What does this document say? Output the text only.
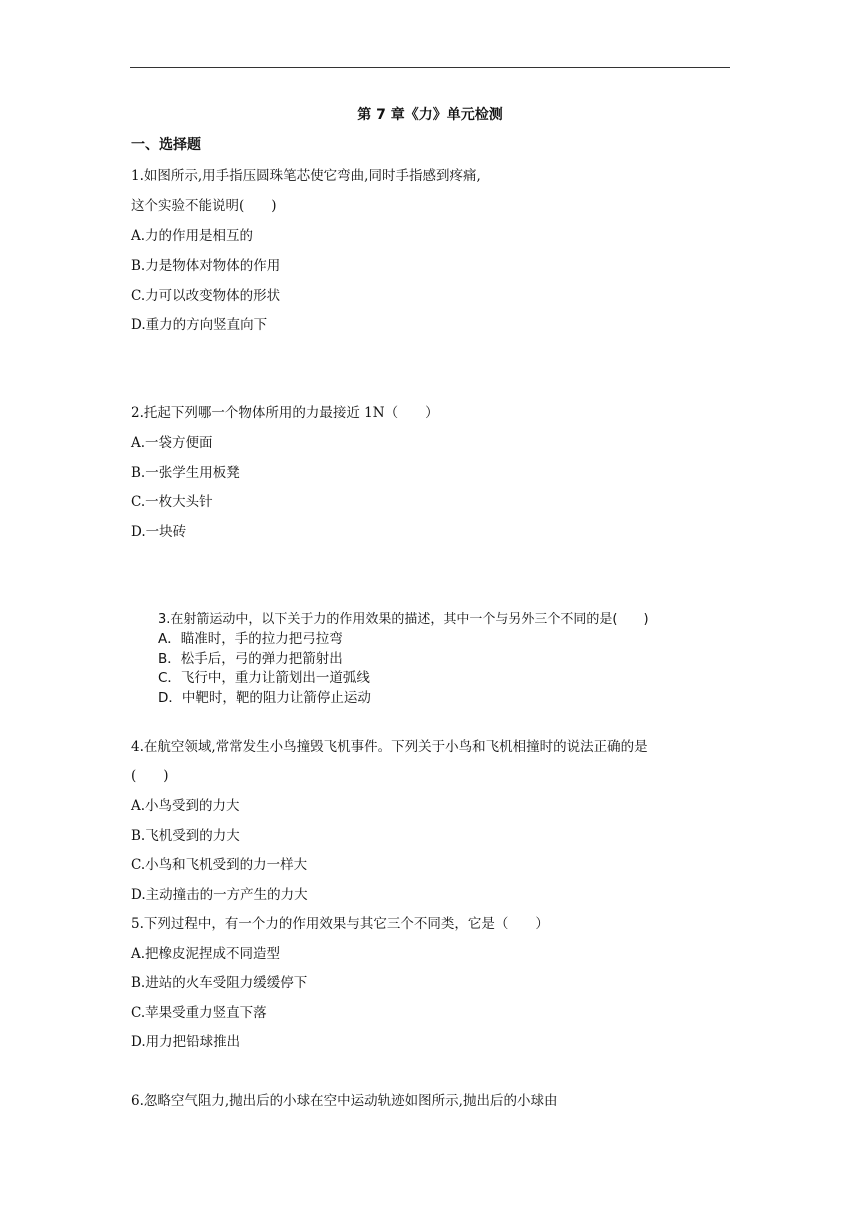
第 7 章《力》单元检测
一、选择题
1.如图所示,用手指压圆珠笔芯使它弯曲,同时手指感到疼痛,
这个实验不能说明(　　)
A.力的作用是相互的
B.力是物体对物体的作用
C.力可以改变物体的形状
D.重力的方向竖直向下
2.托起下列哪一个物体所用的力最接近 1N（　　）
A.一袋方便面
B.一张学生用板凳
C.一枚大头针
D.一块砖
3.在射箭运动中，以下关于力的作用效果的描述，其中一个与另外三个不同的是(　　)
A．瞄准时，手的拉力把弓拉弯
B．松手后，弓的弹力把箭射出
C．飞行中，重力让箭划出一道弧线
D．中靶时，靶的阻力让箭停止运动
4.在航空领域,常常发生小鸟撞毁飞机事件。下列关于小鸟和飞机相撞时的说法正确的是
(　　)
A.小鸟受到的力大
B.飞机受到的力大
C.小鸟和飞机受到的力一样大
D.主动撞击的一方产生的力大
5.下列过程中，有一个力的作用效果与其它三个不同类，它是（　　）
A.把橡皮泥捏成不同造型
B.进站的火车受阻力缓缓停下
C.苹果受重力竖直下落
D.用力把铅球推出
6.忽略空气阻力,抛出后的小球在空中运动轨迹如图所示,抛出后的小球由
